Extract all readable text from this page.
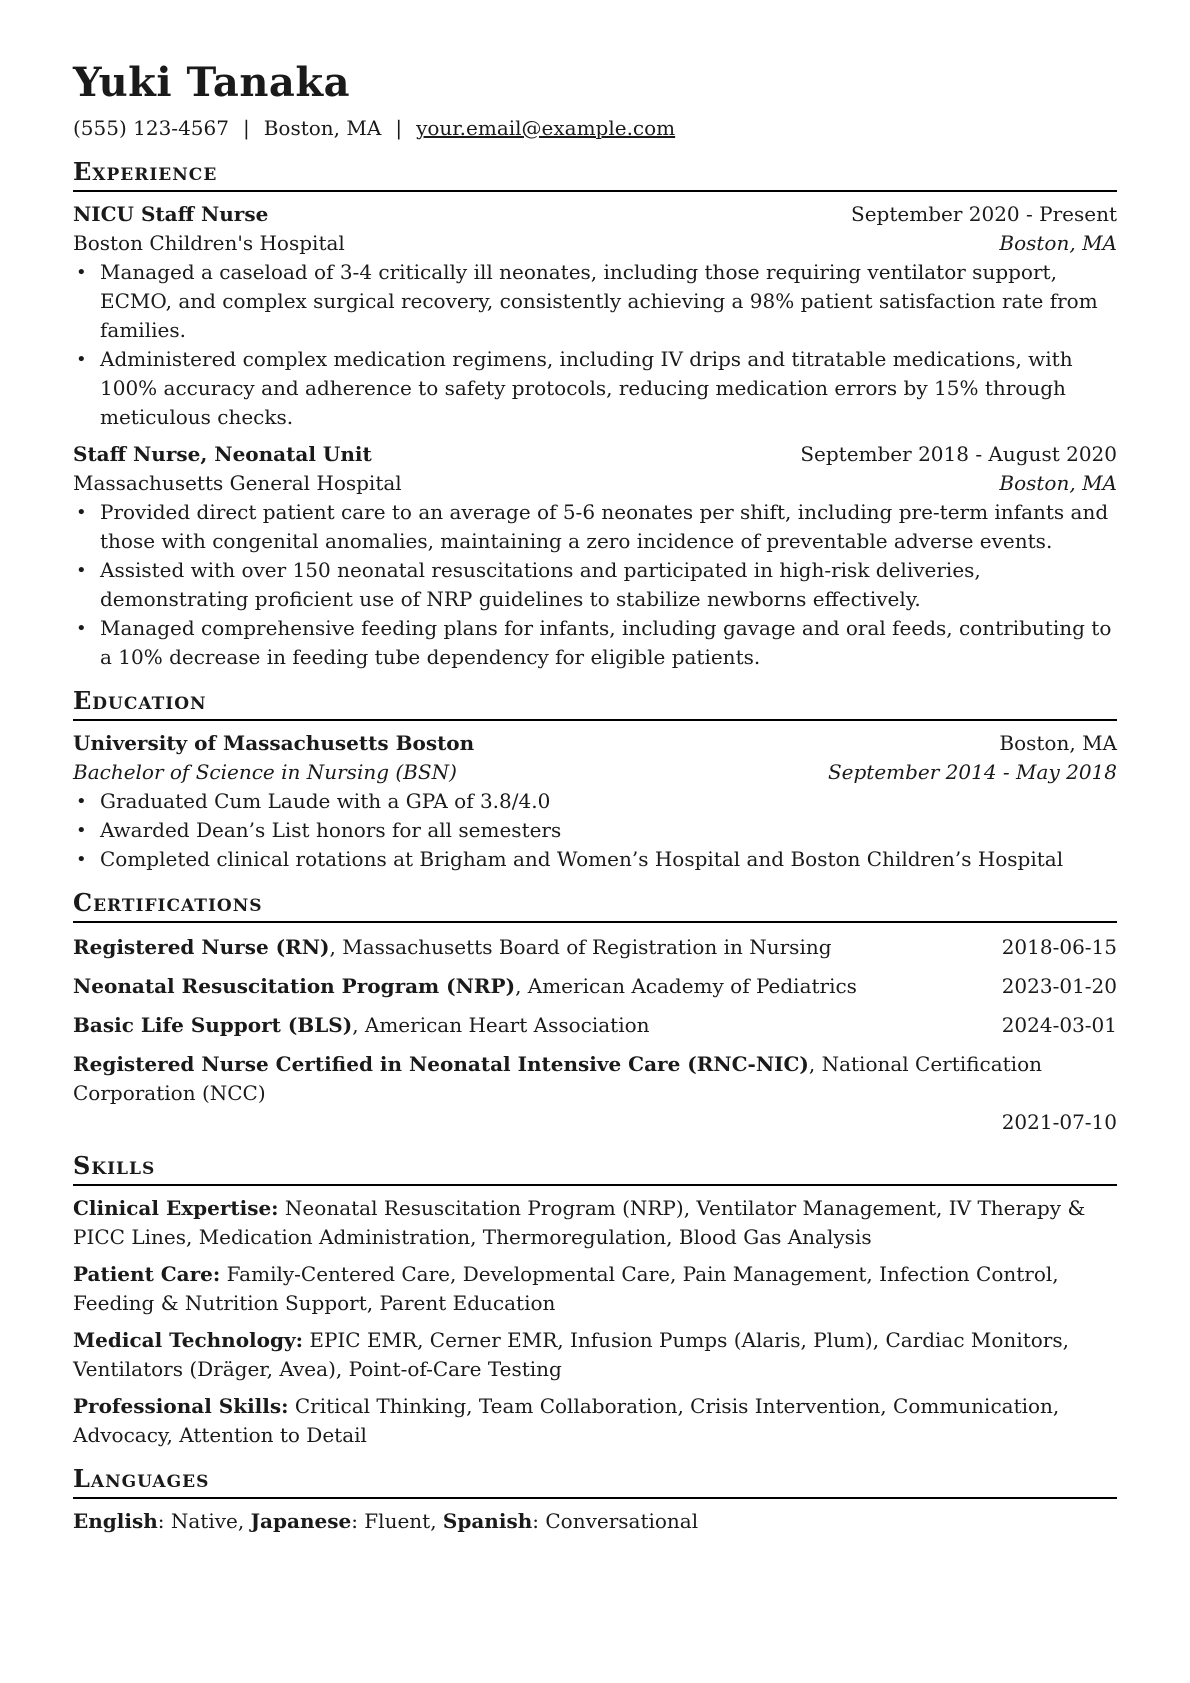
Yuki Tanaka
(555) 123-4567 | Boston, MA | your.email@example.com
Experience
NICU Staff Nurse	September 2020 - Present
Boston Children's Hospital	Boston, MA
• Managed a caseload of 3-4 critically ill neonates, including those requiring ventilator support, ECMO, and complex surgical recovery, consistently achieving a 98% patient satisfaction rate from families.
• Administered complex medication regimens, including IV drips and titratable medications, with 100% accuracy and adherence to safety protocols, reducing medication errors by 15% through meticulous checks.
Staff Nurse, Neonatal Unit	September 2018 - August 2020
Massachusetts General Hospital	Boston, MA
• Provided direct patient care to an average of 5-6 neonates per shift, including pre-term infants and those with congenital anomalies, maintaining a zero incidence of preventable adverse events.
• Assisted with over 150 neonatal resuscitations and participated in high-risk deliveries, demonstrating proficient use of NRP guidelines to stabilize newborns effectively.
• Managed comprehensive feeding plans for infants, including gavage and oral feeds, contributing to a 10% decrease in feeding tube dependency for eligible patients.
Education
University of Massachusetts Boston	Boston, MA
Bachelor of Science in Nursing (BSN)	September 2014 - May 2018
• Graduated Cum Laude with a GPA of 3.8/4.0
• Awarded Dean’s List honors for all semesters
• Completed clinical rotations at Brigham and Women’s Hospital and Boston Children’s Hospital
Certifications
Registered Nurse (RN), Massachusetts Board of Registration in Nursing	2018-06-15
Neonatal Resuscitation Program (NRP), American Academy of Pediatrics	2023-01-20
Basic Life Support (BLS), American Heart Association	2024-03-01
Registered Nurse Certified in Neonatal Intensive Care (RNC-NIC), National Certification Corporation (NCC)
2021-07-10
Skills
Clinical Expertise: Neonatal Resuscitation Program (NRP), Ventilator Management, IV Therapy & PICC Lines, Medication Administration, Thermoregulation, Blood Gas Analysis
Patient Care: Family-Centered Care, Developmental Care, Pain Management, Infection Control, Feeding & Nutrition Support, Parent Education
Medical Technology: EPIC EMR, Cerner EMR, Infusion Pumps (Alaris, Plum), Cardiac Monitors, Ventilators (Dräger, Avea), Point-of-Care Testing
Professional Skills: Critical Thinking, Team Collaboration, Crisis Intervention, Communication, Advocacy, Attention to Detail
Languages
English: Native, Japanese: Fluent, Spanish: Conversational
